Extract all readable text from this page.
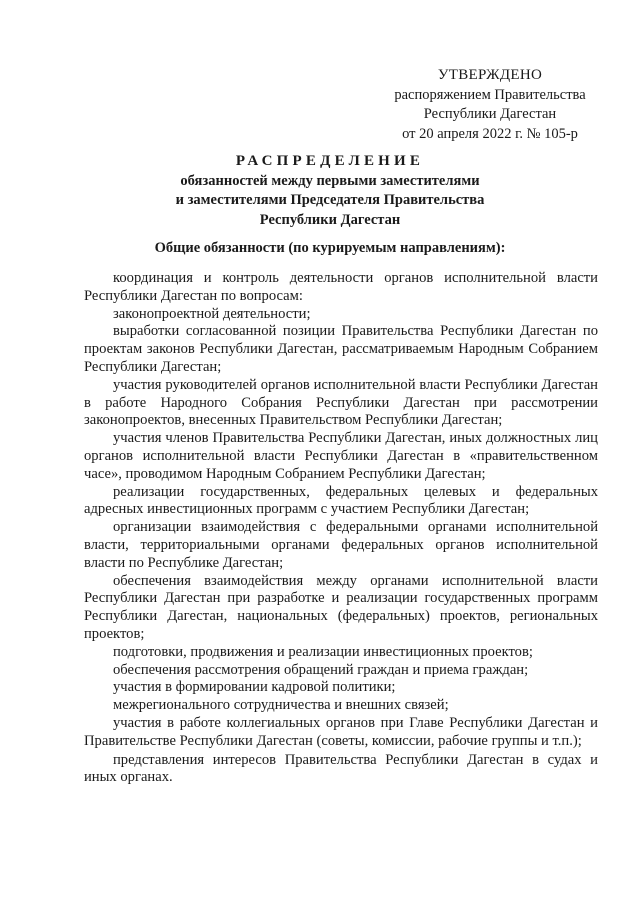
УТВЕРЖДЕНО
распоряжением Правительства
Республики Дагестан
от 20 апреля 2022 г. № 105-р
РАСПРЕДЕЛЕНИЕ
обязанностей между первыми заместителями
и заместителями Председателя Правительства
Республики Дагестан
Общие обязанности (по курируемым направлениям):

координация и контроль деятельности органов исполнительной власти Республики Дагестан по вопросам:

законопроектной деятельности;

выработки согласованной позиции Правительства Республики Дагестан по проектам законов Республики Дагестан, рассматриваемым Народным Собранием Республики Дагестан;

участия руководителей органов исполнительной власти Республики Дагестан в работе Народного Собрания Республики Дагестан при рассмотрении законопроектов, внесенных Правительством Республики Дагестан;

участия членов Правительства Республики Дагестан, иных должностных лиц органов исполнительной власти Республики Дагестан в «правительственном часе», проводимом Народным Собранием Республики Дагестан;

реализации государственных, федеральных целевых и федеральных адресных инвестиционных программ с участием Республики Дагестан;

организации взаимодействия с федеральными органами исполнительной власти, территориальными органами федеральных органов исполнительной власти по Республике Дагестан;

обеспечения взаимодействия между органами исполнительной власти Республики Дагестан при разработке и реализации государственных программ Республики Дагестан, национальных (федеральных) проектов, региональных проектов;

подготовки, продвижения и реализации инвестиционных проектов;

обеспечения рассмотрения обращений граждан и приема граждан;

участия в формировании кадровой политики;

межрегионального сотрудничества и внешних связей;

участия в работе коллегиальных органов при Главе Республики Дагестан и Правительстве Республики Дагестан (советы, комиссии, рабочие группы и т.п.);

представления интересов Правительства Республики Дагестан в судах и иных органах.
